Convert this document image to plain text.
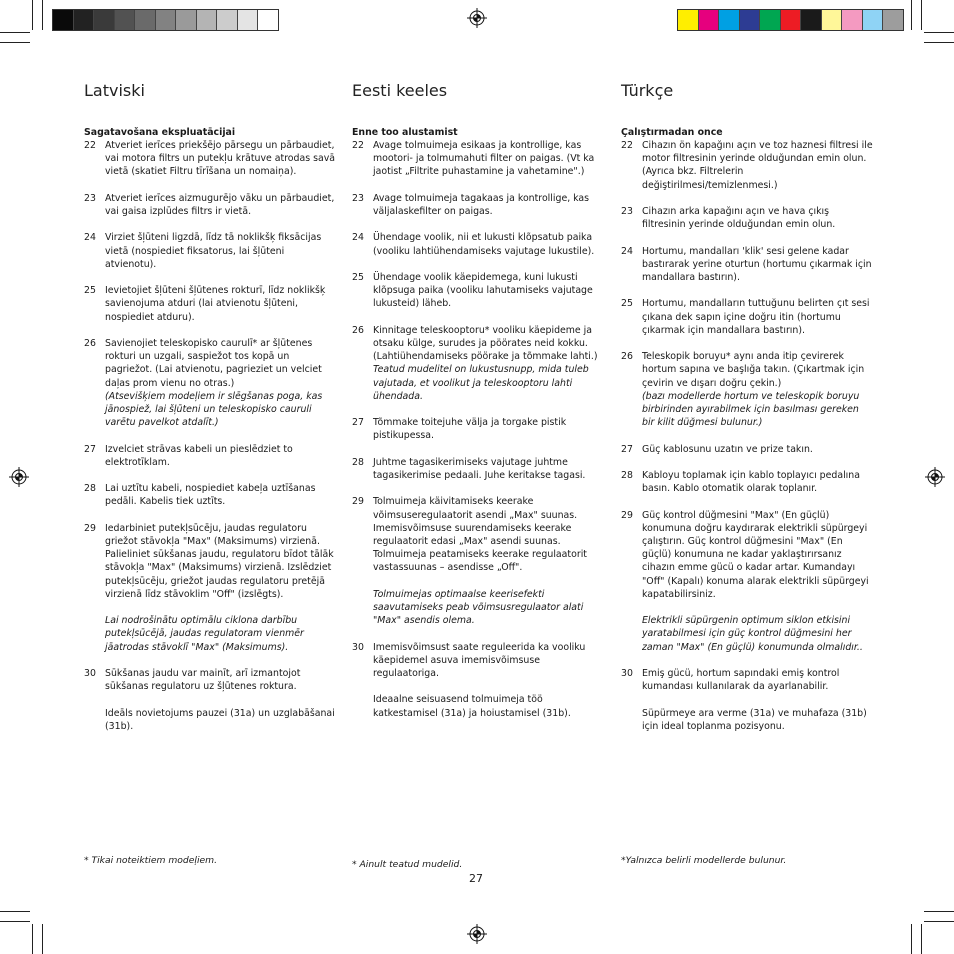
Latviski
Sagatavošana ekspluatācijai
22 Atveriet ierīces priekšējo pārsegu un pārbaudiet, vai motora filtrs un putekļu krātuve atrodas savā vietā (skatiet Filtru tīrīšana un nomaiņa).

23 Atveriet ierīces aizmugurējo vāku un pārbaudiet, vai gaisa izplūdes filtrs ir vietā.

24 Virziet šļūteni ligzdā, līdz tā noklikšķ fiksācijas vietā (nospiediet fiksatorus, lai šļūteni atvienotu).

25 Ievietojiet šļūteni šļūtenes rokturī, līdz noklikšķ savienojuma atduri (lai atvienotu šļūteni, nospiediet atduru).

26 Savienojiet teleskopisko caurulī* ar šļūtenes rokturi un uzgali, saspiežot tos kopā un pagriežot. (Lai atvienotu, pagrieziet un velciet daļas prom vienu no otras.)

(Atsevišķiem modeļiem ir slēgšanas poga, kas jānospiež, lai šļūteni un teleskopisko cauruli varētu pavelkot atdalīt.)

27 Izvelciet strāvas kabeli un pieslēdziet to elektrotīklam.

28 Lai uztītu kabeli, nospiediet kabeļa uztīšanas pedāli. Kabelis tiek uztīts.

29 Iedarbiniet putekļsūcēju, jaudas regulatoru griežot stāvokļa "Max" (Maksimums) virzienā. Palieliniet sūkšanas jaudu, regulatoru bīdot tālāk stāvokļa "Max" (Maksimums) virzienā. Izslēdziet putekļsūcēju, griežot jaudas regulatoru pretējā virzienā līdz stāvoklim "Off" (izslēgts).

Lai nodrošinātu optimālu ciklona darbību putekļsūcējā, jaudas regulatoram vienmēr jāatrodas stāvoklī "Max" (Maksimums).

30 Sūkšanas jaudu var mainīt, arī izmantojot sūkšanas regulatoru uz šļūtenes roktura.

Ideāls novietojums pauzei (31a) un uzglabāšanai (31b).

Eesti keeles
Enne too alustamist
22 Avage tolmuimeja esikaas ja kontrollige, kas mootori- ja tolmumahuti filter on paigas. (Vt ka jaotist „Filtrite puhastamine ja vahetamine".)

23 Avage tolmuimeja tagakaas ja kontrollige, kas väljalaskefilter on paigas.

24 Ühendage voolik, nii et lukusti klõpsatub paika (vooliku lahtiühendamiseks vajutage lukustile).

25 Ühendage voolik käepidemega, kuni lukusti klõpsuga paika (vooliku lahutamiseks vajutage lukusteid) läheb.

26 Kinnitage teleskooptoru* vooliku käepideme ja otsaku külge, surudes ja pöörates neid kokku. (Lahtiühendamiseks pöörake ja tõmmake lahti.)

Teatud mudelitel on lukustusnupp, mida tuleb vajutada, et voolikut ja teleskooptoru lahti ühendada.

27 Tõmmake toitejuhe välja ja torgake pistik pistikupessa.

28 Juhtme tagasikerimiseks vajutage juhtme tagasikerimise pedaali. Juhe keritakse tagasi.

29 Tolmuimeja käivitamiseks keerake võimsuseregulaatorit asendi „Max" suunas. Imemisvõimsuse suurendamiseks keerake regulaatorit edasi „Max" asendi suunas. Tolmuimeja peatamiseks keerake regulaatorit vastassuunas – asendisse „Off".

Tolmuimejas optimaalse keerisefekti saavutamiseks peab võimsusregulaator alati "Max" asendis olema.

30 Imemisvõimsust saate reguleerida ka vooliku käepidemel asuva imemisvõimsuse regulaatoriga.

Ideaalne seisuasend tolmuimeja töö katkestamisel (31a) ja hoiustamisel (31b).

Türkçe
Çalıştırmadan once
22 Cihazın ön kapağını açın ve toz haznesi filtresi ile motor filtresinin yerinde olduğundan emin olun. (Ayrıca bkz. Filtrelerin değiştirilmesi/temizlenmesi.)

23 Cihazın arka kapağını açın ve hava çıkış filtresinin yerinde olduğundan emin olun.

24 Hortumu, mandalları 'klik' sesi gelene kadar bastırarak yerine oturtun (hortumu çıkarmak için mandallara bastırın).

25 Hortumu, mandalların tuttuğunu belirten çıt sesi çıkana dek sapın içine doğru itin (hortumu çıkarmak için mandallara bastırın).

26 Teleskopik boruyu* aynı anda itip çevirerek hortum sapına ve başlığa takın. (Çıkartmak için çevirin ve dışarı doğru çekin.)

(bazı modellerde hortum ve teleskopik boruyu birbirinden ayırabilmek için basılması gereken bir kilit düğmesi bulunur.)

27 Güç kablosunu uzatın ve prize takın.

28 Kabloyu toplamak için kablo toplayıcı pedalına basın. Kablo otomatik olarak toplanır.

29 Güç kontrol düğmesini "Max" (En güçlü) konumuna doğru kaydırarak elektrikli süpürgeyi çalıştırın. Güç kontrol düğmesini "Max" (En güçlü) konumuna ne kadar yaklaştırırsanız cihazın emme gücü o kadar artar. Kumandayı "Off" (Kapalı) konuma alarak elektrikli süpürgeyi kapatabilirsiniz.

Elektrikli süpürgenin optimum siklon etkisini yaratabilmesi için güç kontrol düğmesini her zaman "Max" (En güçlü) konumunda olmalıdır..

30 Emiş gücü, hortum sapındaki emiş kontrol kumandası kullanılarak da ayarlanabilir.

Süpürmeye ara verme (31a) ve muhafaza (31b) için ideal toplanma pozisyonu.

* Tikai noteiktiem modeļiem.	* Ainult teatud mudelid.	*Yalnızca belirli modellerde bulunur.
27
